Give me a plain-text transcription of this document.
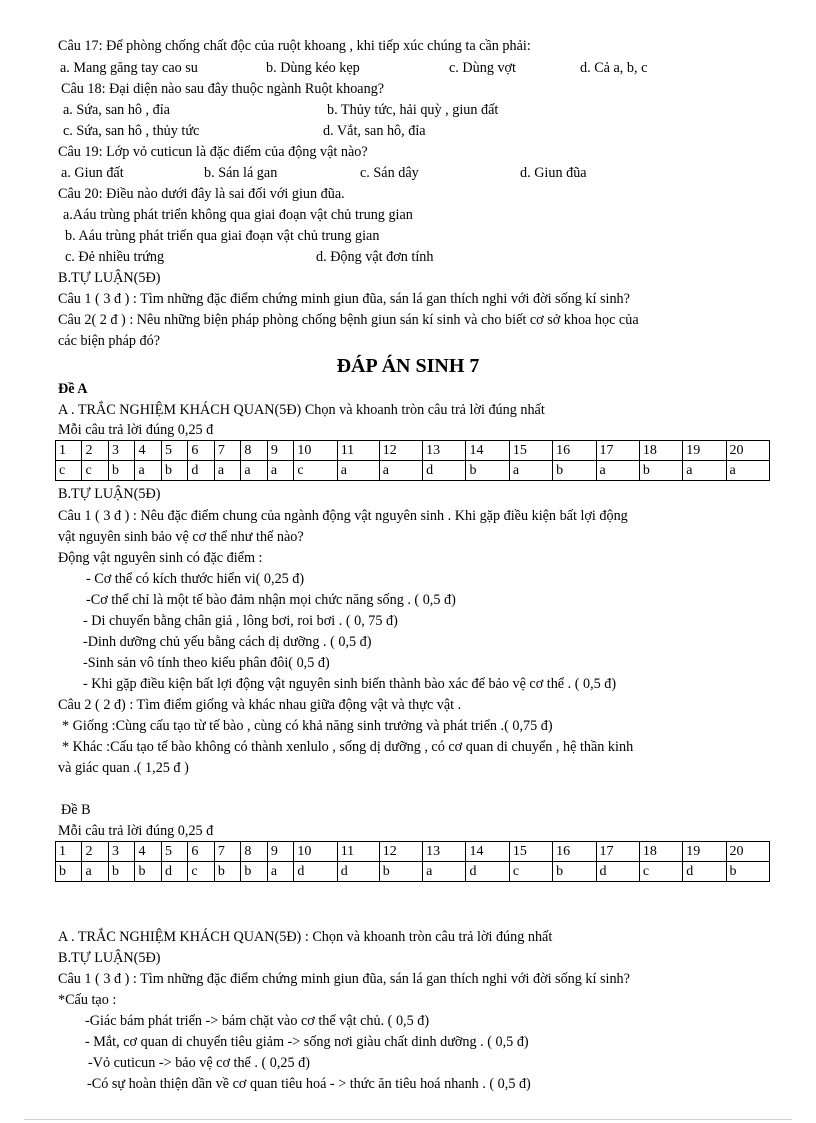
Câu 17: Để phòng chống chất độc của ruột khoang , khi tiếp xúc chúng ta cần phải:
a. Mang găng tay cao su	b. Dùng kéo kẹp	c. Dùng vợt	d. Cả a, b, c
Câu 18: Đại diện nào sau đây thuộc ngành Ruột khoang?
a. Sứa, san hô , đỉa	b. Thủy tức, hải quỳ , giun đất
c. Sứa, san hô , thủy tức	d. Vắt, san hô, đỉa
Câu 19: Lớp vỏ cuticun là đặc điểm của động vật nào?
a. Giun đất	b. Sán lá gan	c. Sán dây	d. Giun đũa
Câu 20: Điều nào dưới đây là sai đối với giun đũa.
a.Aáu trùng phát triển không qua giai đoạn vật chủ trung gian
b. Aáu trùng phát triển qua giai đoạn vật chủ trung gian
c. Đẻ nhiều trứng	d. Động vật đơn tính
B.TỰ LUẬN(5Đ)
Câu 1 ( 3 đ ) : Tìm những đặc điểm chứng minh giun đũa, sán lá gan thích nghi với đời sống kí sinh?
Câu 2( 2 đ ) : Nêu những biện pháp phòng chống bệnh giun sán kí sinh và cho biết cơ sở khoa học của
các biện pháp đó?
ĐÁP ÁN SINH 7
Đề A
A . TRẮC NGHIỆM KHÁCH QUAN(5Đ) Chọn và khoanh tròn câu trả lời đúng nhất
Mỗi câu trả lời đúng 0,25 đ
1	2	3	4	5	6	7	8	9	10	11	12	13	14	15	16	17	18	19	20
c	c	b	a	b	d	a	a	a	c	a	a	d	b	a	b	a	b	a	a
B.TỰ LUẬN(5Đ)
Câu 1 ( 3 đ ) : Nêu đặc điểm chung của ngành động vật nguyên sinh . Khi gặp điều kiện bất lợi động
vật nguyên sinh bảo vệ cơ thể như thế nào?
Động vật nguyên sinh có đặc điểm :
- Cơ thể có kích thước hiển vi( 0,25 đ)
-Cơ thể chỉ là một tế bào đảm nhận mọi chức năng sống . ( 0,5 đ)
- Di chuyển bằng chân giả , lông bơi, roi bơi . ( 0, 75 đ)
-Dinh dưỡng chủ yếu bằng cách dị dưỡng . ( 0,5 đ)
-Sinh sản vô tính theo kiểu phân đôi( 0,5 đ)
- Khi gặp điều kiện bất lợi động vật nguyên sinh biến thành bào xác để bảo vệ cơ thể . ( 0,5 đ)
Câu 2 ( 2 đ) : Tìm điểm giống và khác nhau giữa động vật và thực vật .
* Giống :Cùng cấu tạo từ tế bào , cùng có khả năng sinh trưởng và phát triển .( 0,75 đ)
* Khác :Cấu tạo tế bào không có thành xenlulo , sống dị dưỡng , có cơ quan di chuyển , hệ thần kinh
và giác quan .( 1,25 đ )
Đề B
Mỗi câu trả lời đúng 0,25 đ
1	2	3	4	5	6	7	8	9	10	11	12	13	14	15	16	17	18	19	20
b	a	b	b	d	c	b	b	a	d	d	b	a	d	c	b	d	c	d	b
A . TRẮC NGHIỆM KHÁCH QUAN(5Đ) : Chọn và khoanh tròn câu trả lời đúng nhất
B.TỰ LUẬN(5Đ)
Câu 1 ( 3 đ ) : Tìm những đặc điểm chứng minh giun đũa, sán lá gan thích nghi với đời sống kí sinh?
*Cấu tạo :
-Giác bám phát triển -> bám chặt vào cơ thể vật chủ. ( 0,5 đ)
- Mắt, cơ quan di chuyển tiêu giảm -> sống nơi giàu chất dinh dưỡng . ( 0,5 đ)
-Vỏ cuticun -> bảo vệ cơ thể . ( 0,25 đ)
-Có sự hoàn thiện dần về cơ quan tiêu hoá - > thức ăn tiêu hoá nhanh . ( 0,5 đ)
